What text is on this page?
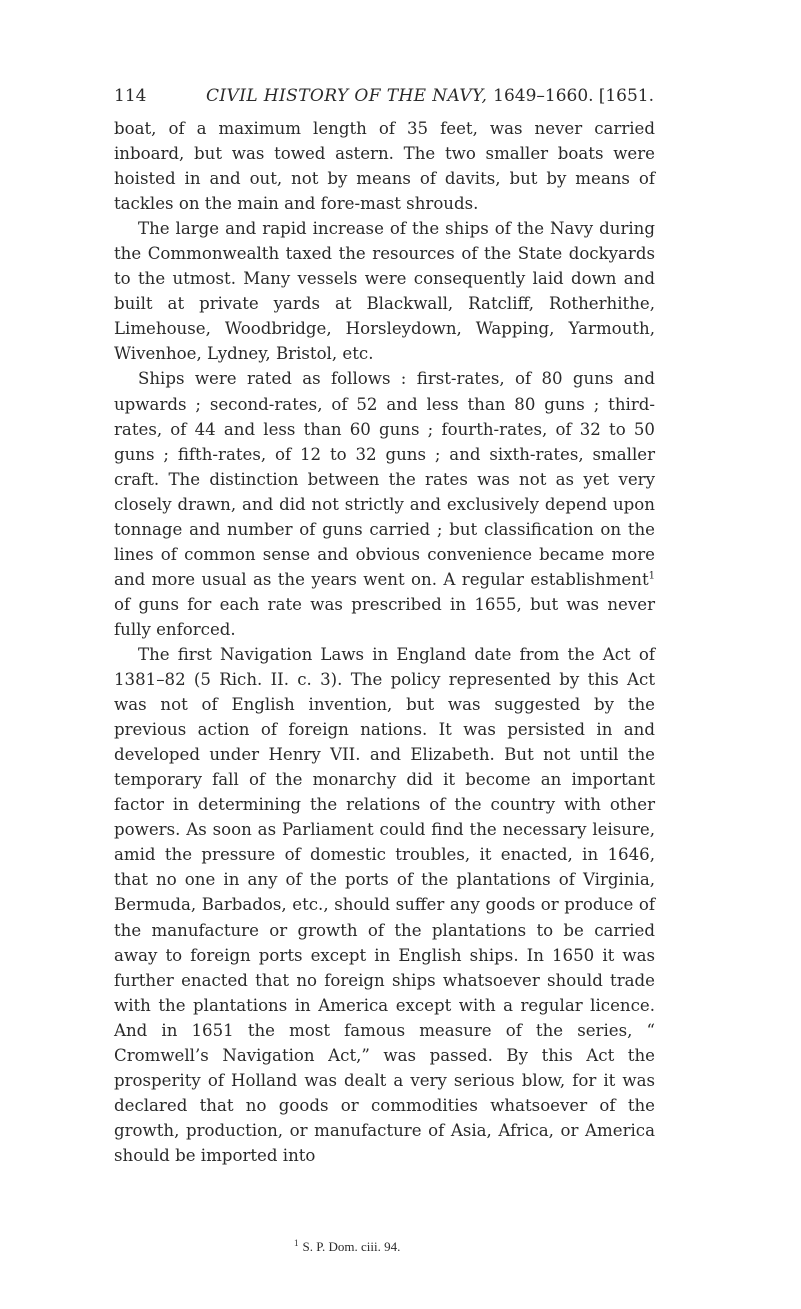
114	CIVIL HISTORY OF THE NAVY, 1649–1660. [1651.

boat, of a maximum length of 35 feet, was never carried inboard, but was towed astern. The two smaller boats were hoisted in and out, not by means of davits, but by means of tackles on the main and fore-mast shrouds.

The large and rapid increase of the ships of the Navy during the Commonwealth taxed the resources of the State dockyards to the utmost. Many vessels were consequently laid down and built at private yards at Blackwall, Ratcliff, Rotherhithe, Limehouse, Woodbridge, Horsleydown, Wapping, Yarmouth, Wivenhoe, Lydney, Bristol, etc.

Ships were rated as follows : first-rates, of 80 guns and upwards ; second-rates, of 52 and less than 80 guns ; third-rates, of 44 and less than 60 guns ; fourth-rates, of 32 to 50 guns ; fifth-rates, of 12 to 32 guns ; and sixth-rates, smaller craft. The distinction between the rates was not as yet very closely drawn, and did not strictly and exclusively depend upon tonnage and number of guns carried ; but classification on the lines of common sense and obvious convenience became more and more usual as the years went on. A regular establishment$^1$ of guns for each rate was prescribed in 1655, but was never fully enforced.

The first Navigation Laws in England date from the Act of 1381–82 (5 Rich. II. c. 3). The policy represented by this Act was not of English invention, but was suggested by the previous action of foreign nations. It was persisted in and developed under Henry VII. and Elizabeth. But not until the temporary fall of the monarchy did it become an important factor in determining the relations of the country with other powers. As soon as Parliament could find the necessary leisure, amid the pressure of domestic troubles, it enacted, in 1646, that no one in any of the ports of the plantations of Virginia, Bermuda, Barbados, etc., should suffer any goods or produce of the manufacture or growth of the plantations to be carried away to foreign ports except in English ships. In 1650 it was further enacted that no foreign ships whatsoever should trade with the plantations in America except with a regular licence. And in 1651 the most famous measure of the series, “ Cromwell’s Navigation Act,” was passed. By this Act the prosperity of Holland was dealt a very serious blow, for it was declared that no goods or commodities whatsoever of the growth, production, or manufacture of Asia, Africa, or America should be imported into

$^1$ S. P. Dom. ciii. 94.
